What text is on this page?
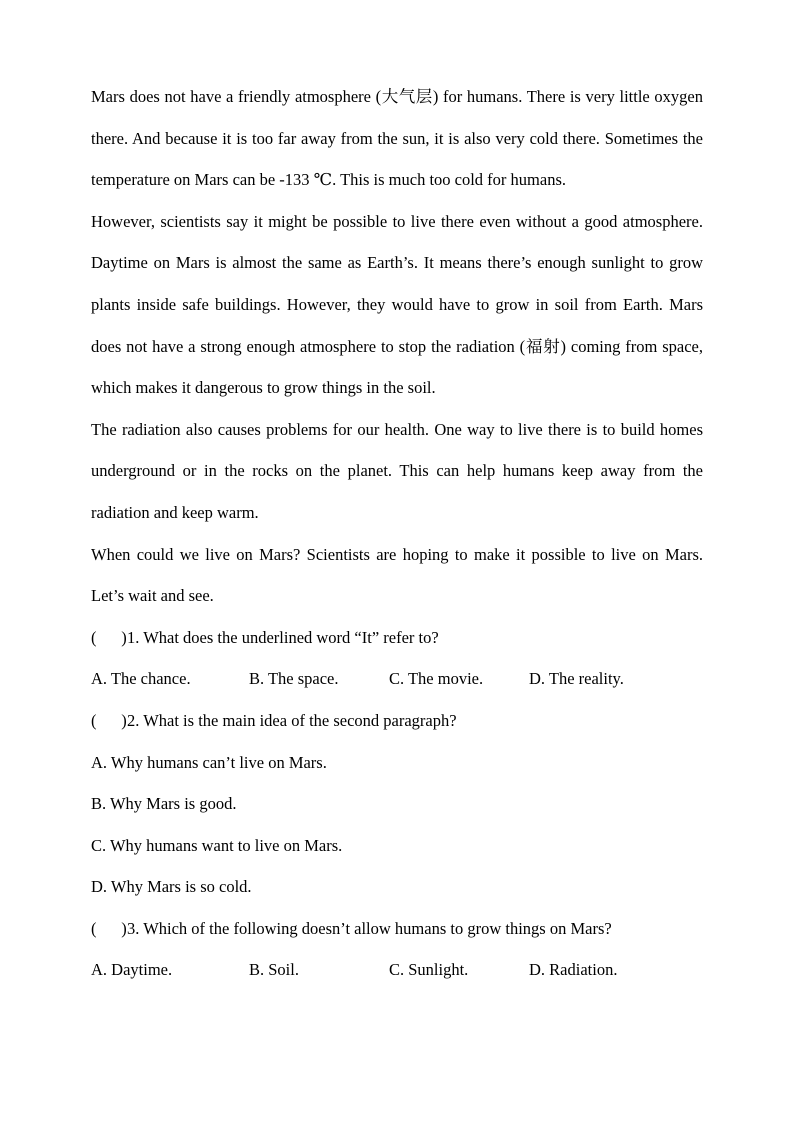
Mars does not have a friendly atmosphere (大气层) for humans. There is very little oxygen there. And because it is too far away from the sun, it is also very cold there. Sometimes the temperature on Mars can be -133 ℃. This is much too cold for humans.

However, scientists say it might be possible to live there even without a good atmosphere. Daytime on Mars is almost the same as Earth’s. It means there’s enough sunlight to grow plants inside safe buildings. However, they would have to grow in soil from Earth. Mars does not have a strong enough atmosphere to stop the radiation (福射) coming from space, which makes it dangerous to grow things in the soil.

The radiation also causes problems for our health. One way to live there is to build homes underground or in the rocks on the planet. This can help humans keep away from the radiation and keep warm.

When could we live on Mars? Scientists are hoping to make it possible to live on Mars. Let’s wait and see.

( )1. What does the underlined word “It” refer to?

A. The chance.	B. The space.	C. The movie.	D. The reality.

( )2. What is the main idea of the second paragraph?

A. Why humans can’t live on Mars.

B. Why Mars is good.

C. Why humans want to live on Mars.

D. Why Mars is so cold.

( )3. Which of the following doesn’t allow humans to grow things on Mars?

A. Daytime.	B. Soil.	C. Sunlight.	D. Radiation.
